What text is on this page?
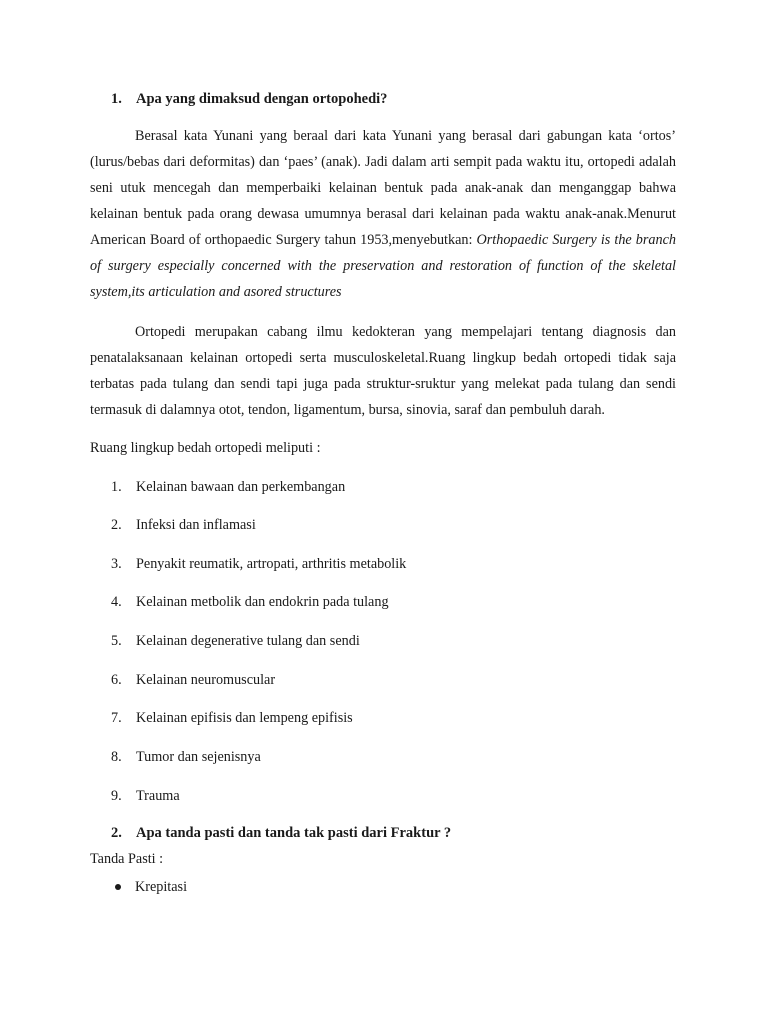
1. Apa yang dimaksud dengan ortopohedi?

Berasal kata Yunani yang beraal dari kata Yunani yang berasal dari gabungan kata ‘ortos’ (lurus/bebas dari deformitas) dan ‘paes’ (anak). Jadi dalam arti sempit pada waktu itu, ortopedi adalah seni utuk mencegah dan memperbaiki kelainan bentuk pada anak-anak dan menganggap bahwa kelainan bentuk pada orang dewasa umumnya berasal dari kelainan pada waktu anak-anak.Menurut American Board of orthopaedic Surgery tahun 1953,menyebutkan: Orthopaedic Surgery is the branch of surgery especially concerned with the preservation and restoration of function of the skeletal system,its articulation and asored structures

Ortopedi merupakan cabang ilmu kedokteran yang mempelajari tentang diagnosis dan penatalaksanaan kelainan ortopedi serta musculoskeletal.Ruang lingkup bedah ortopedi tidak saja terbatas pada tulang dan sendi tapi juga pada struktur-sruktur yang melekat pada tulang dan sendi termasuk di dalamnya otot, tendon, ligamentum, bursa, sinovia, saraf dan pembuluh darah.

Ruang lingkup bedah ortopedi meliputi :

1. Kelainan bawaan dan perkembangan
2. Infeksi dan inflamasi
3. Penyakit reumatik, artropati, arthritis metabolik
4. Kelainan metbolik dan endokrin pada tulang
5. Kelainan degenerative tulang dan sendi
6. Kelainan neuromuscular
7. Kelainan epifisis dan lempeng epifisis
8. Tumor dan sejenisnya
9. Trauma
2. Apa tanda pasti dan tanda tak pasti dari Fraktur ?

Tanda Pasti :

Krepitasi
